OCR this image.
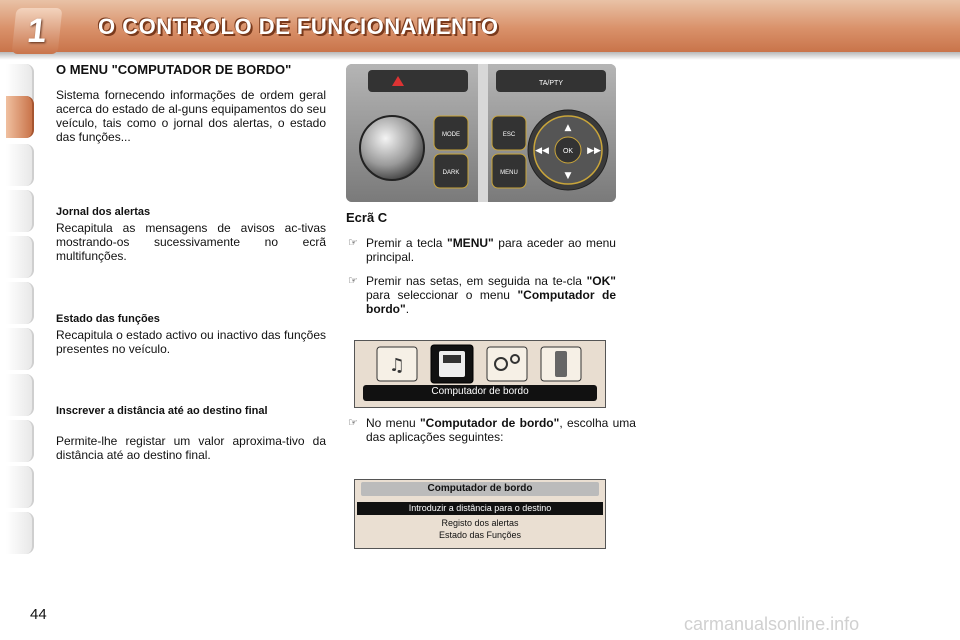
1	O CONTROLO DE FUNCIONAMENTO
O MENU "COMPUTADOR DE BORDO"

Sistema fornecendo informações de ordem geral acerca do estado de al-guns equipamentos do seu veículo, tais como o jornal dos alertas, o estado das funções...

Jornal dos alertas

Recapitula as mensagens de avisos ac-tivas mostrando-os sucessivamente no ecrã multifunções.

Estado das funções

Recapitula o estado activo ou inactivo das funções presentes no veículo.

Inscrever a distância até ao destino final

Permite-lhe registar um valor aproxima-tivo da distância até ao destino final.

▲
▼
◀◀	▶▶
TA/PTY
MODE
DARK
ESC
MENU
OK
Ecrã C
☞ Premir a tecla "MENU" para aceder ao menu principal.
☞ Premir nas setas, em seguida na te-cla "OK" para seleccionar o menu "Computador de bordo".
♫
Computador de bordo
☞ No menu "Computador de bordo", escolha uma das aplicações seguintes:
Computador de bordo
Introduzir a distância para o destino
Registo dos alertas
Estado das Funções
44	carmanualsonline.info
